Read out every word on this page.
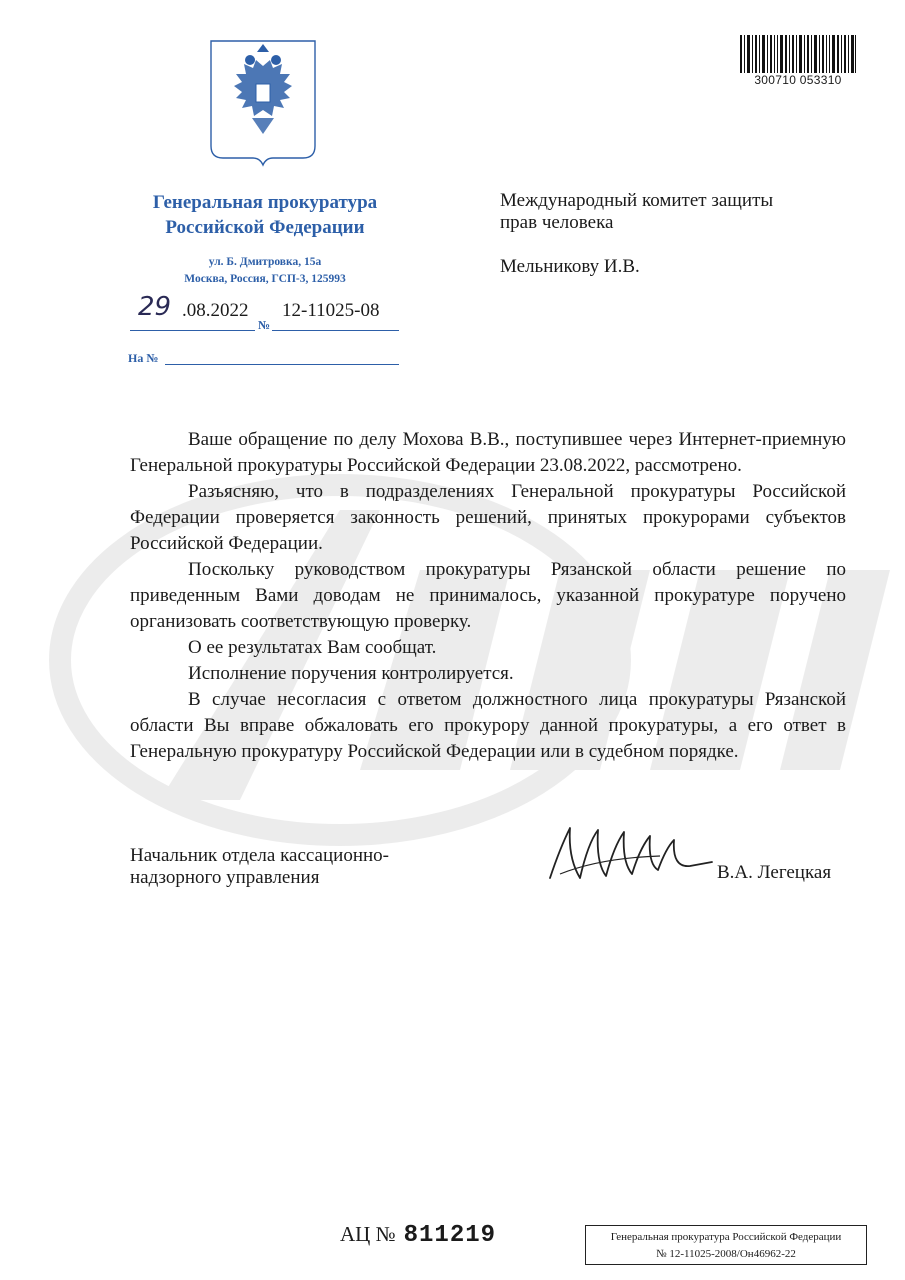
Генеральная прокуратура
Российской Федерации
ул. Б. Дмитровка, 15а
Москва, Россия, ГСП-3, 125993
29 .08.2022
№
12-11025-08
На №
300710 053310
Международный комитет защиты
прав человека
Мельникову И.В.

Ваше обращение по делу Мохова В.В., поступившее через Интернет-приемную Генеральной прокуратуры Российской Федерации 23.08.2022, рассмотрено.

Разъясняю, что в подразделениях Генеральной прокуратуры Российской Федерации проверяется законность решений, принятых прокурорами субъектов Российской Федерации.

Поскольку руководством прокуратуры Рязанской области решение по приведенным Вами доводам не принималось, указанной прокуратуре поручено организовать соответствующую проверку.

О ее результатах Вам сообщат.

Исполнение поручения контролируется.

В случае несогласия с ответом должностного лица прокуратуры Рязанской области Вы вправе обжаловать его прокурору данной прокуратуры, а его ответ в Генеральную прокуратуру Российской Федерации или в судебном порядке.

Начальник отдела кассационно-
надзорного управления	В.А. Легецкая
АЦ № 811219	Генеральная прокуратура Российской Федерации
№ 12-11025-2008/Он46962-22
